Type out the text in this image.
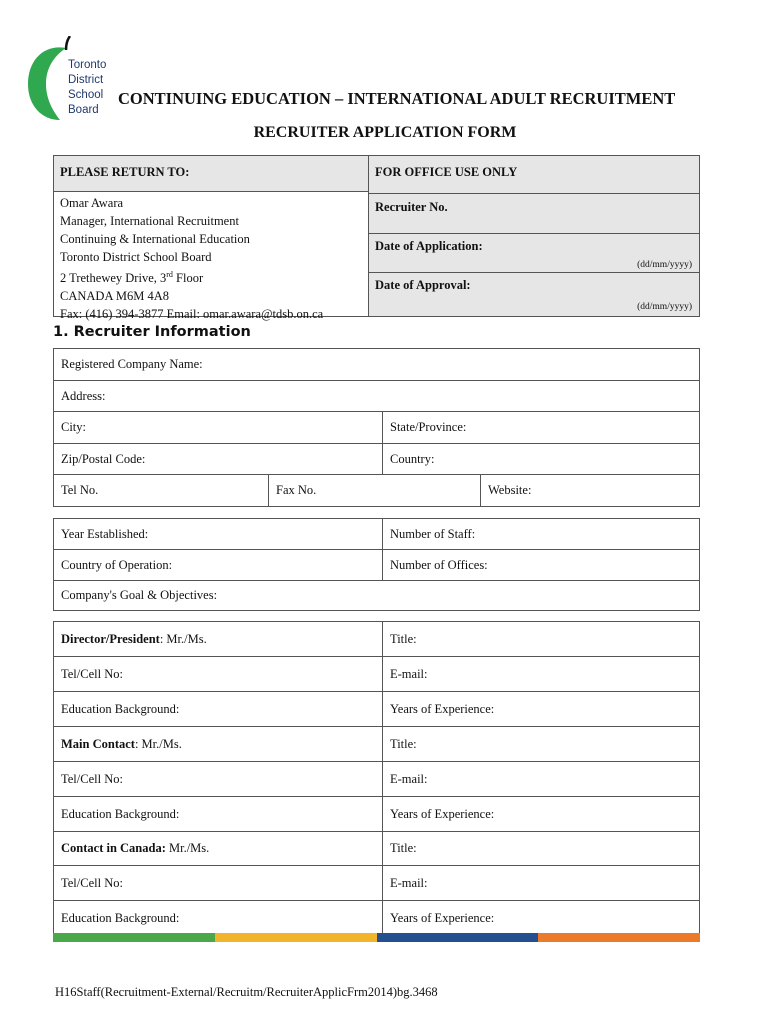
Toronto
District
School
Board
CONTINUING EDUCATION – INTERNATIONAL ADULT RECRUITMENT
RECRUITER APPLICATION FORM
PLEASE RETURN TO:
Omar Awara
Manager, International Recruitment
Continuing & International Education
Toronto District School Board
2 Trethewey Drive, 3rd Floor
CANADA M6M 4A8
Fax: (416) 394-3877 Email: omar.awara@tdsb.on.ca
FOR OFFICE USE ONLY
Recruiter No.
Date of Application:
(dd/mm/yyyy)
Date of Approval:
(dd/mm/yyyy)
1. Recruiter Information
Registered Company Name:	
Address:	
City:	State/Province:
Zip/Postal Code:	Country:
Tel No.	Fax No.	Website:
Year Established:	Number of Staff:
Country of Operation:	Number of Offices:
Company's Goal & Objectives:	
Director/President: Mr./Ms.	Title:
Tel/Cell No:	E-mail:
Education Background:	Years of Experience:
Main Contact: Mr./Ms.	Title:
Tel/Cell No:	E-mail:
Education Background:	Years of Experience:
Contact in Canada: Mr./Ms.	Title:
Tel/Cell No:	E-mail:
Education Background:	Years of Experience:
H16Staff(Recruitment-External/Recruitm/RecruiterApplicFrm2014)bg.3468
